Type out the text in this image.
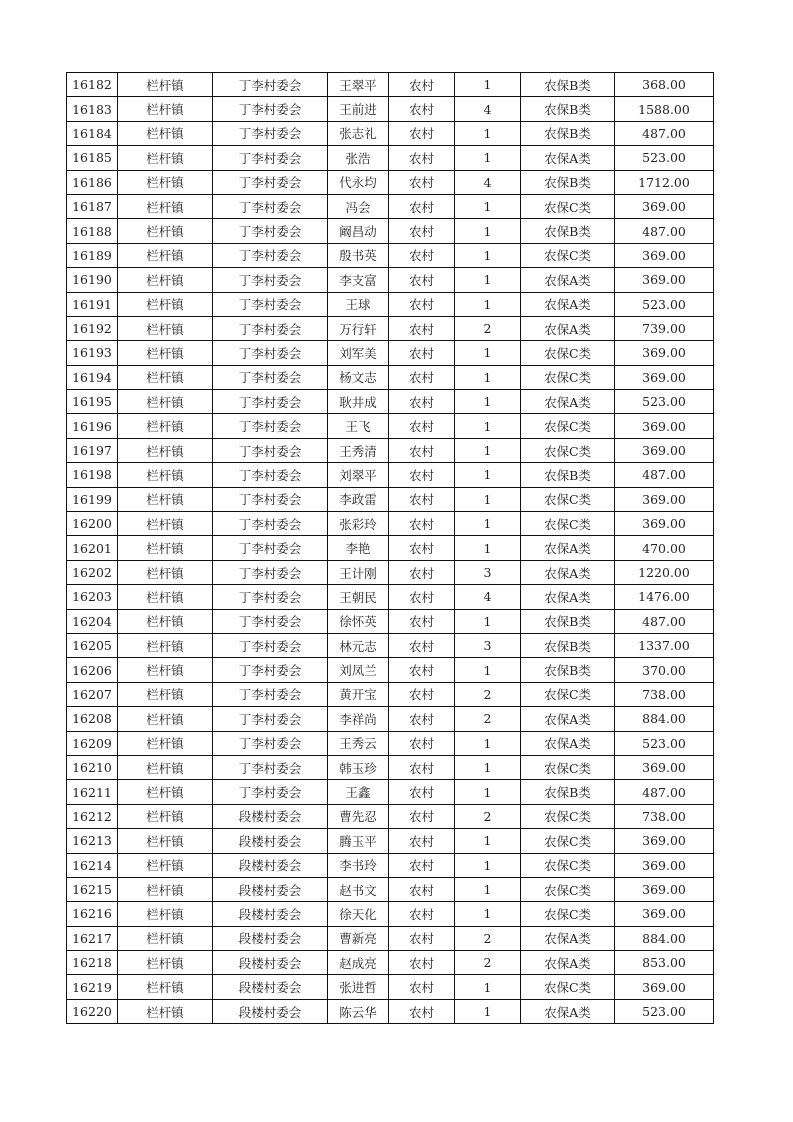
16182	栏杆镇	丁李村委会	王翠平	农村	1	农保B类	368.00
16183	栏杆镇	丁李村委会	王前进	农村	4	农保B类	1588.00
16184	栏杆镇	丁李村委会	张志礼	农村	1	农保B类	487.00
16185	栏杆镇	丁李村委会	张浩	农村	1	农保A类	523.00
16186	栏杆镇	丁李村委会	代永均	农村	4	农保B类	1712.00
16187	栏杆镇	丁李村委会	冯会	农村	1	农保C类	369.00
16188	栏杆镇	丁李村委会	阚昌动	农村	1	农保B类	487.00
16189	栏杆镇	丁李村委会	殷书英	农村	1	农保C类	369.00
16190	栏杆镇	丁李村委会	李支富	农村	1	农保A类	369.00
16191	栏杆镇	丁李村委会	王球	农村	1	农保A类	523.00
16192	栏杆镇	丁李村委会	万行轩	农村	2	农保A类	739.00
16193	栏杆镇	丁李村委会	刘军美	农村	1	农保C类	369.00
16194	栏杆镇	丁李村委会	杨文志	农村	1	农保C类	369.00
16195	栏杆镇	丁李村委会	耿井成	农村	1	农保A类	523.00
16196	栏杆镇	丁李村委会	王飞	农村	1	农保C类	369.00
16197	栏杆镇	丁李村委会	王秀清	农村	1	农保C类	369.00
16198	栏杆镇	丁李村委会	刘翠平	农村	1	农保B类	487.00
16199	栏杆镇	丁李村委会	李政雷	农村	1	农保C类	369.00
16200	栏杆镇	丁李村委会	张彩玲	农村	1	农保C类	369.00
16201	栏杆镇	丁李村委会	李艳	农村	1	农保A类	470.00
16202	栏杆镇	丁李村委会	王计刚	农村	3	农保A类	1220.00
16203	栏杆镇	丁李村委会	王朝民	农村	4	农保A类	1476.00
16204	栏杆镇	丁李村委会	徐怀英	农村	1	农保B类	487.00
16205	栏杆镇	丁李村委会	林元志	农村	3	农保B类	1337.00
16206	栏杆镇	丁李村委会	刘凤兰	农村	1	农保B类	370.00
16207	栏杆镇	丁李村委会	黄开宝	农村	2	农保C类	738.00
16208	栏杆镇	丁李村委会	李祥尚	农村	2	农保A类	884.00
16209	栏杆镇	丁李村委会	王秀云	农村	1	农保A类	523.00
16210	栏杆镇	丁李村委会	韩玉珍	农村	1	农保C类	369.00
16211	栏杆镇	丁李村委会	王鑫	农村	1	农保B类	487.00
16212	栏杆镇	段楼村委会	曹先忍	农村	2	农保C类	738.00
16213	栏杆镇	段楼村委会	腾玉平	农村	1	农保C类	369.00
16214	栏杆镇	段楼村委会	李书玲	农村	1	农保C类	369.00
16215	栏杆镇	段楼村委会	赵书文	农村	1	农保C类	369.00
16216	栏杆镇	段楼村委会	徐天化	农村	1	农保C类	369.00
16217	栏杆镇	段楼村委会	曹新亮	农村	2	农保A类	884.00
16218	栏杆镇	段楼村委会	赵成亮	农村	2	农保A类	853.00
16219	栏杆镇	段楼村委会	张进哲	农村	1	农保C类	369.00
16220	栏杆镇	段楼村委会	陈云华	农村	1	农保A类	523.00
